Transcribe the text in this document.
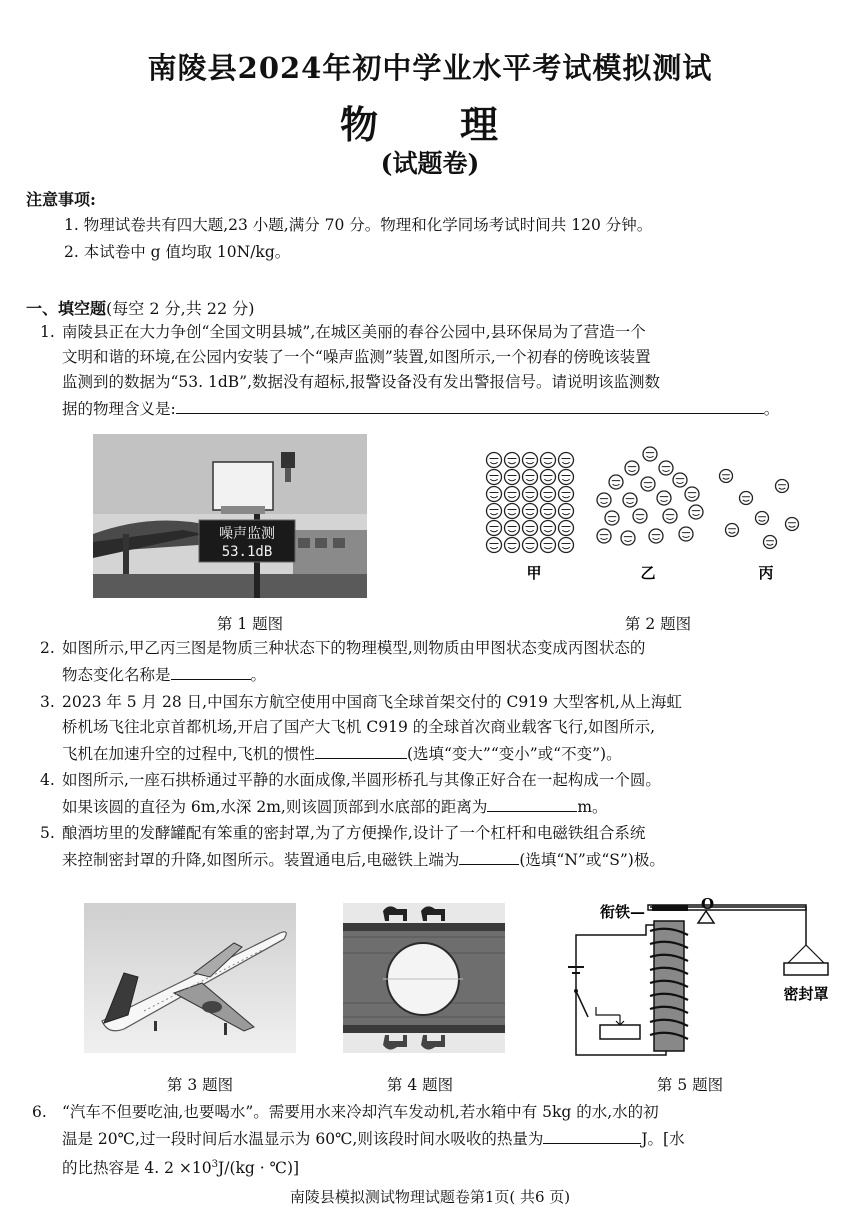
南陵县2024年初中学业水平考试模拟测试
物　理
(试题卷)
注意事项:
1. 物理试卷共有四大题,23 小题,满分 70 分。物理和化学同场考试时间共 120 分钟。
2. 本试卷中 g 值均取 10N/kg。
一、填空题(每空 2 分,共 22 分)
1. 南陵县正在大力争创“全国文明县城”,在城区美丽的春谷公园中,县环保局为了营造一个
文明和谐的环境,在公园内安装了一个“噪声监测”装置,如图所示,一个初春的傍晚该装置
监测到的数据为“53. 1dB”,数据没有超标,报警设备没有发出警报信号。请说明该监测数
据的物理含义是:	。
噪声监测
53.1dB
第 1 题图
甲	乙	丙
第 2 题图
2. 如图所示,甲乙丙三图是物质三种状态下的物理模型,则物质由甲图状态变成丙图状态的
物态变化名称是	。
3. 2023 年 5 月 28 日,中国东方航空使用中国商飞全球首架交付的 C919 大型客机,从上海虹
桥机场飞往北京首都机场,开启了国产大飞机 C919 的全球首次商业载客飞行,如图所示,
飞机在加速升空的过程中,飞机的惯性	(选填“变大”“变小”或“不变”)。
4. 如图所示,一座石拱桥通过平静的水面成像,半圆形桥孔与其像正好合在一起构成一个圆。
如果该圆的直径为 6m,水深 2m,则该圆顶部到水底部的距离为	m。
5. 酿酒坊里的发酵罐配有笨重的密封罩,为了方便操作,设计了一个杠杆和电磁铁组合系统
来控制密封罩的升降,如图所示。装置通电后,电磁铁上端为	(选填“N”或“S”)极。
第 3 题图	第 4 题图
衔铁—	O
密封罩
第 5 题图
6. “汽车不但要吃油,也要喝水”。需要用水来冷却汽车发动机,若水箱中有 5kg 的水,水的初
温是 20℃,过一段时间后水温显示为 60℃,则该段时间水吸收的热量为	J。[水
的比热容是 4. $2 \times 10^3J/(kg$ · ℃)]
南陵县模拟测试物理试题卷第1页( 共6 页)
